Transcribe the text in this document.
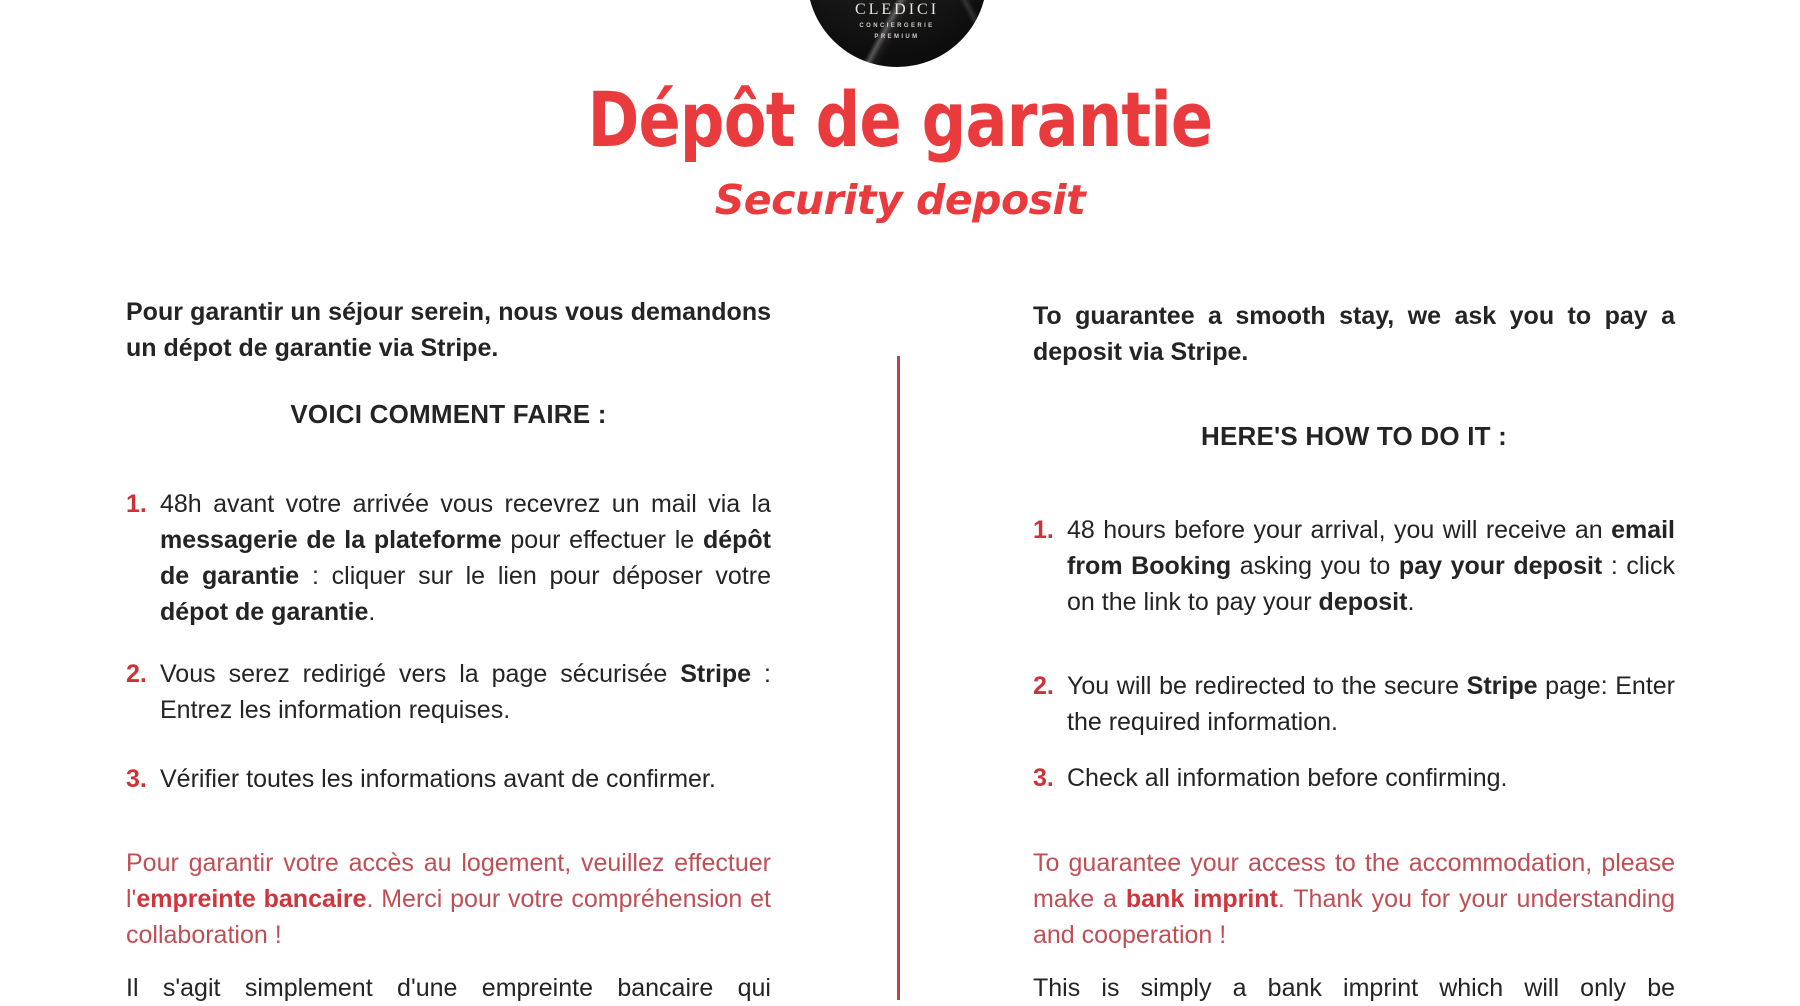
CLEDICI
CONCIERGERIE
PREMIUM
Dépôt de garantie
Security deposit

Pour garantir un séjour serein, nous vous demandons un dépot de garantie via Stripe.

VOICI COMMENT FAIRE :
1. 48h avant votre arrivée vous recevrez un mail via la messagerie de la plateforme pour effectuer le dépôt de garantie : cliquer sur le lien pour déposer votre dépot de garantie.
2. Vous serez redirigé vers la page sécurisée Stripe : Entrez les information requises.
3. Vérifier toutes les informations avant de confirmer.

Pour garantir votre accès au logement, veuillez effectuer l'empreinte bancaire. Merci pour votre compréhension et collaboration !

Il s'agit simplement d'une empreinte bancaire qui

To guarantee a smooth stay, we ask you to pay a deposit via Stripe.

HERE'S HOW TO DO IT :
1. 48 hours before your arrival, you will receive an email from Booking asking you to pay your deposit : click on the link to pay your deposit.
2. You will be redirected to the secure Stripe page: Enter the required information.
3. Check all information before confirming.

To guarantee your access to the accommodation, please make a bank imprint. Thank you for your understanding and cooperation !

This is simply a bank imprint which will only be
